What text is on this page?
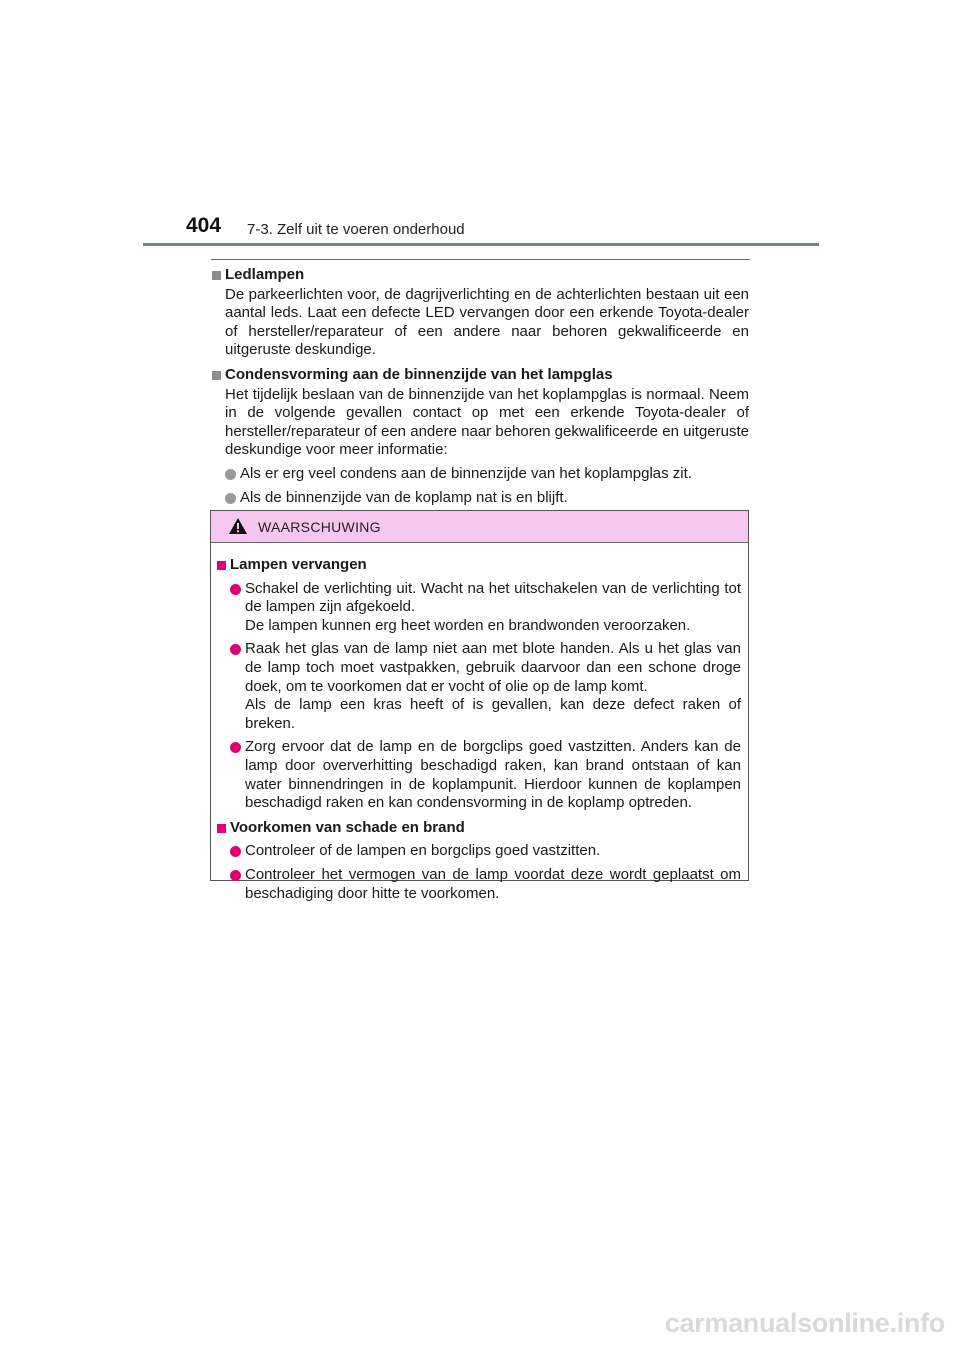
404 7-3. Zelf uit te voeren onderhoud
Ledlampen
De parkeerlichten voor, de dagrijverlichting en de achterlichten bestaan uit een aantal leds. Laat een defecte LED vervangen door een erkende Toyota-dealer of hersteller/reparateur of een andere naar behoren gekwalificeerde en uitgeruste deskundige.
Condensvorming aan de binnenzijde van het lampglas
Het tijdelijk beslaan van de binnenzijde van het koplampglas is normaal. Neem in de volgende gevallen contact op met een erkende Toyota-dealer of hersteller/reparateur of een andere naar behoren gekwalificeerde en uitgeruste deskundige voor meer informatie:
Als er erg veel condens aan de binnenzijde van het koplampglas zit.
Als de binnenzijde van de koplamp nat is en blijft.
WAARSCHUWING
Lampen vervangen
Schakel de verlichting uit. Wacht na het uitschakelen van de verlichting tot de lampen zijn afgekoeld.
De lampen kunnen erg heet worden en brandwonden veroorzaken.
Raak het glas van de lamp niet aan met blote handen. Als u het glas van de lamp toch moet vastpakken, gebruik daarvoor dan een schone droge doek, om te voorkomen dat er vocht of olie op de lamp komt.
Als de lamp een kras heeft of is gevallen, kan deze defect raken of breken.
Zorg ervoor dat de lamp en de borgclips goed vastzitten. Anders kan de lamp door oververhitting beschadigd raken, kan brand ontstaan of kan water binnendringen in de koplampunit. Hierdoor kunnen de koplampen beschadigd raken en kan condensvorming in de koplamp optreden.
Voorkomen van schade en brand
Controleer of de lampen en borgclips goed vastzitten.
Controleer het vermogen van de lamp voordat deze wordt geplaatst om beschadiging door hitte te voorkomen.
carmanualsonline.info
